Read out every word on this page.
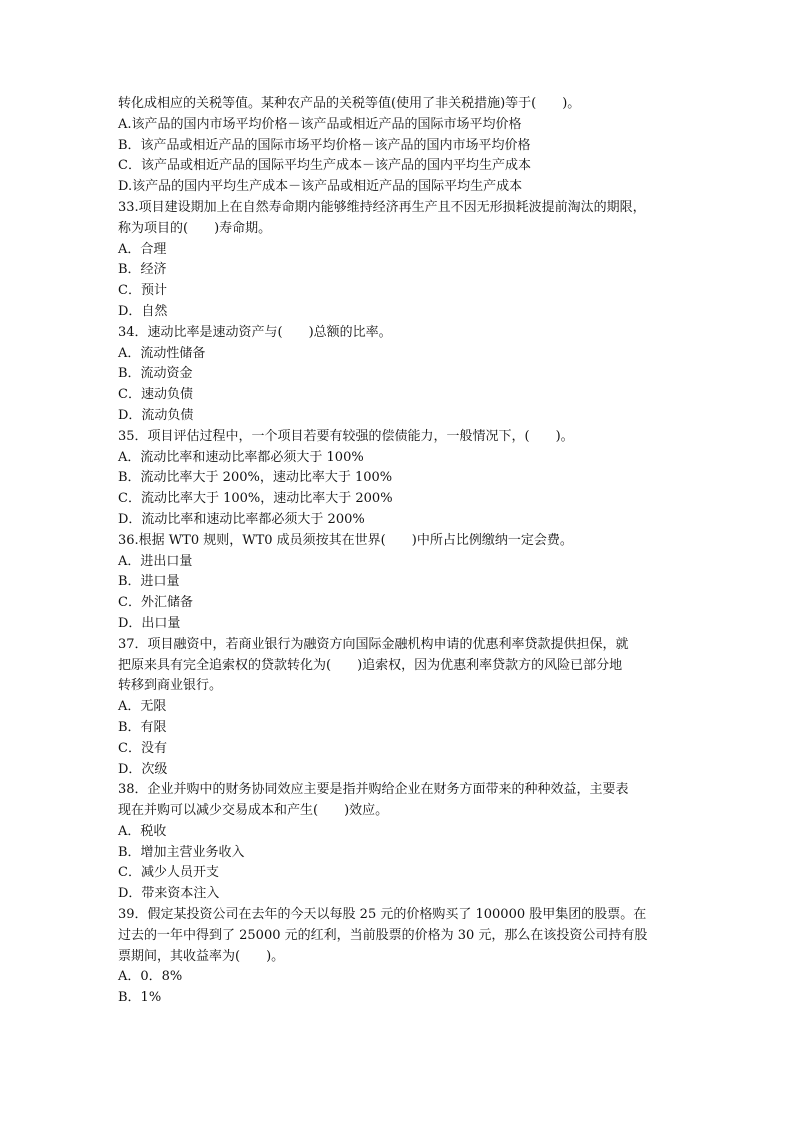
转化成相应的关税等值。某种农产品的关税等值(使用了非关税措施)等于(　　)。
A.该产品的国内市场平均价格－该产品或相近产品的国际市场平均价格
B．该产品或相近产品的国际市场平均价格－该产品的国内市场平均价格
C．该产品或相近产品的国际平均生产成本－该产品的国内平均生产成本
D.该产品的国内平均生产成本－该产品或相近产品的国际平均生产成本
33.项目建设期加上在自然寿命期内能够维持经济再生产且不因无形损耗波提前淘汰的期限，
称为项目的(　　)寿命期。
A．合理
B．经济
C．预计
D．自然
34．速动比率是速动资产与(　　)总额的比率。
A．流动性储备
B．流动资金
C．速动负债
D．流动负债
35．项目评估过程中，一个项目若要有较强的偿债能力，一般情况下，(　　)。
A．流动比率和速动比率都必须大于 100%
B．流动比率大于 200%，速动比率大于 100%
C．流动比率大于 100%，速动比率大于 200%
D．流动比率和速动比率都必须大于 200%
36.根据 WT0 规则，WT0 成员须按其在世界(　　)中所占比例缴纳一定会费。
A．进出口量
B．进口量
C．外汇储备
D．出口量
37．项目融资中，若商业银行为融资方向国际金融机构申请的优惠利率贷款提供担保，就
把原来具有完全追索权的贷款转化为(　　)追索权，因为优惠利率贷款方的风险已部分地
转移到商业银行。
A．无限
B．有限
C．没有
D．次级
38．企业并购中的财务协同效应主要是指并购给企业在财务方面带来的种种效益，主要表
现在并购可以减少交易成本和产生(　　)效应。
A．税收
B．增加主营业务收入
C．减少人员开支
D．带来资本注入
39．假定某投资公司在去年的今天以每股 25 元的价格购买了 100000 股甲集团的股票。在
过去的一年中得到了 25000 元的红利，当前股票的价格为 30 元，那么在该投资公司持有股
票期间，其收益率为(　　)。
A．0．8%
B．1%
